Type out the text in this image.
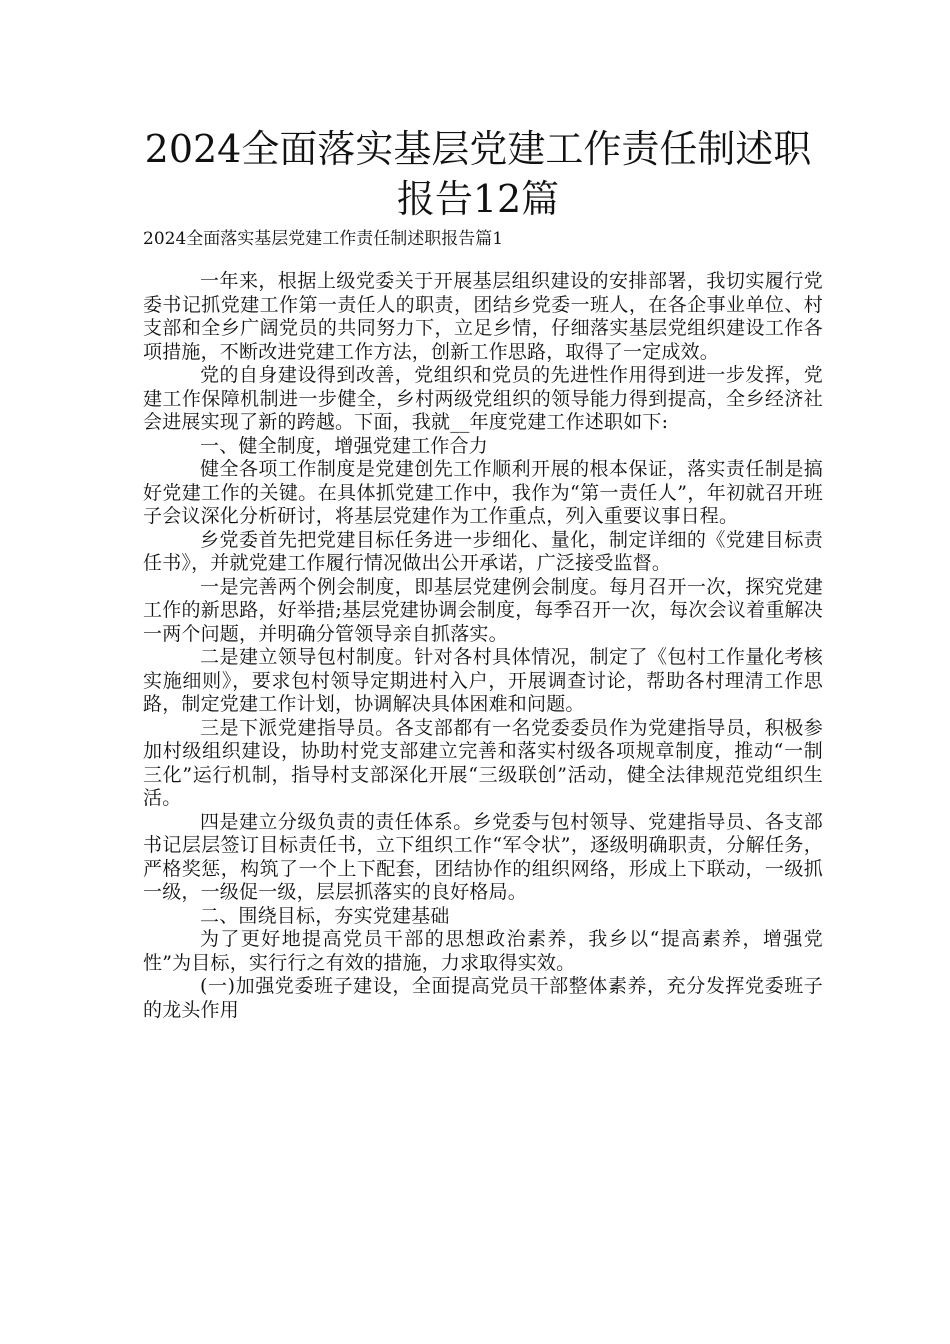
2024全面落实基层党建工作责任制述职报告12篇
2024全面落实基层党建工作责任制述职报告篇1

一年来，根据上级党委关于开展基层组织建设的安排部署，我切实履行党委书记抓党建工作第一责任人的职责，团结乡党委一班人，在各企事业单位、村支部和全乡广阔党员的共同努力下，立足乡情，仔细落实基层党组织建设工作各项措施，不断改进党建工作方法，创新工作思路，取得了一定成效。

党的自身建设得到改善，党组织和党员的先进性作用得到进一步发挥，党建工作保障机制进一步健全，乡村两级党组织的领导能力得到提高，全乡经济社会进展实现了新的跨越。下面，我就__年度党建工作述职如下:

一、健全制度，增强党建工作合力

健全各项工作制度是党建创先工作顺利开展的根本保证，落实责任制是搞好党建工作的关键。在具体抓党建工作中，我作为“第一责任人”，年初就召开班子会议深化分析研讨，将基层党建作为工作重点，列入重要议事日程。

乡党委首先把党建目标任务进一步细化、量化，制定详细的《党建目标责任书》，并就党建工作履行情况做出公开承诺，广泛接受监督。

一是完善两个例会制度，即基层党建例会制度。每月召开一次，探究党建工作的新思路，好举措;基层党建协调会制度，每季召开一次，每次会议着重解决一两个问题，并明确分管领导亲自抓落实。

二是建立领导包村制度。针对各村具体情况，制定了《包村工作量化考核实施细则》，要求包村领导定期进村入户，开展调查讨论，帮助各村理清工作思路，制定党建工作计划，协调解决具体困难和问题。

三是下派党建指导员。各支部都有一名党委委员作为党建指导员，积极参加村级组织建设，协助村党支部建立完善和落实村级各项规章制度，推动“一制三化”运行机制，指导村支部深化开展“三级联创”活动，健全法律规范党组织生活。

四是建立分级负责的责任体系。乡党委与包村领导、党建指导员、各支部书记层层签订目标责任书，立下组织工作“军令状”，逐级明确职责，分解任务，严格奖惩，构筑了一个上下配套，团结协作的组织网络，形成上下联动，一级抓一级，一级促一级，层层抓落实的良好格局。

二、围绕目标，夯实党建基础

为了更好地提高党员干部的思想政治素养，我乡以“提高素养，增强党性”为目标，实行行之有效的措施，力求取得实效。

(一)加强党委班子建设，全面提高党员干部整体素养，充分发挥党委班子的龙头作用
